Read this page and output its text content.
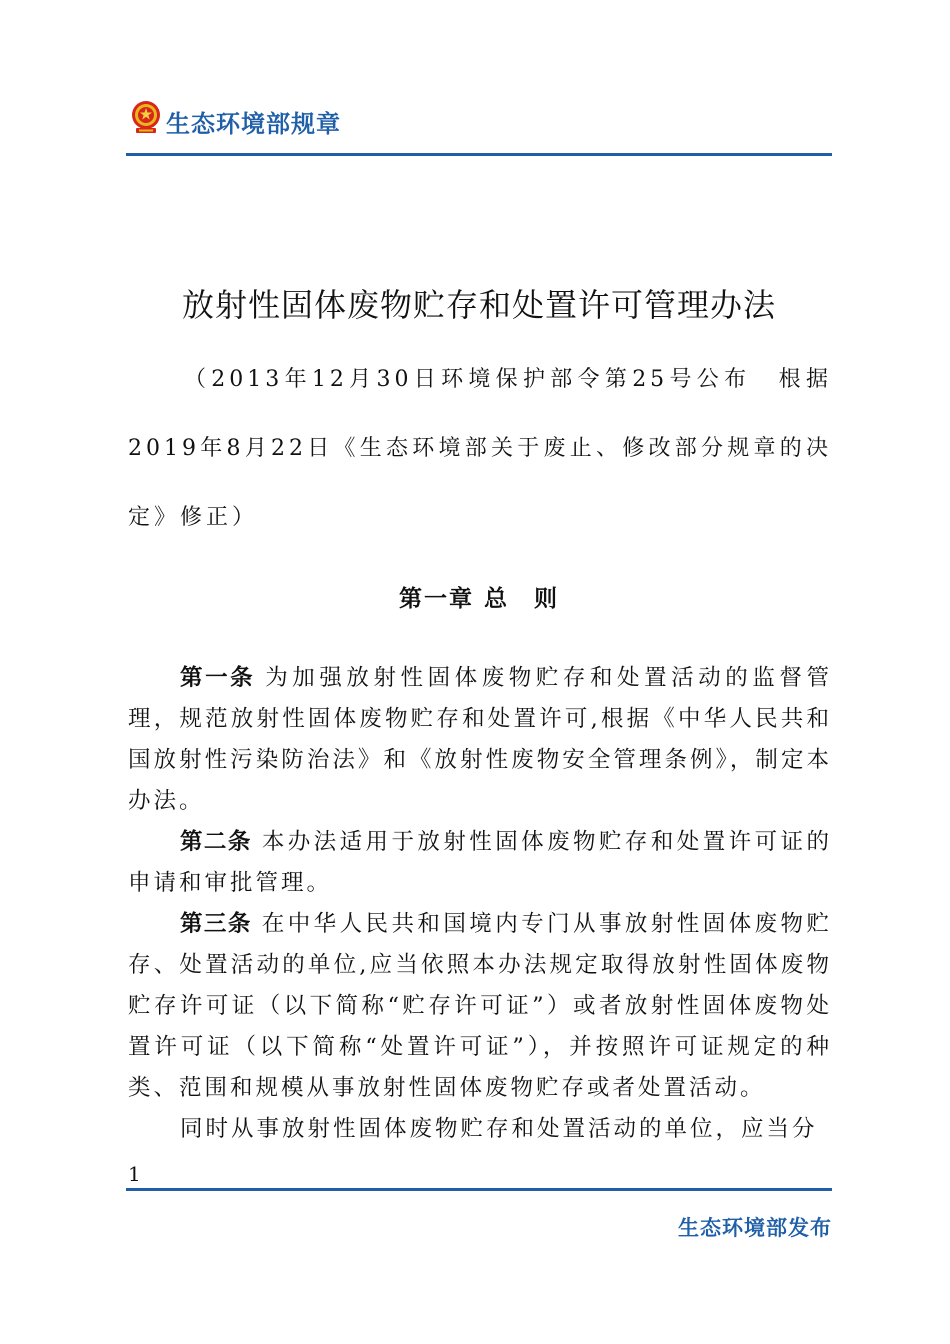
生态环境部规章
放射性固体废物贮存和处置许可管理办法
（2013年12月30日环境保护部令第25号公布　根据2019年8月22日《生态环境部关于废止、修改部分规章的决定》修正）
第一章 总　则

第一条 为加强放射性固体废物贮存和处置活动的监督管理，规范放射性固体废物贮存和处置许可,根据《中华人民共和国放射性污染防治法》和《放射性废物安全管理条例》，制定本办法。

第二条 本办法适用于放射性固体废物贮存和处置许可证的申请和审批管理。

第三条 在中华人民共和国境内专门从事放射性固体废物贮存、处置活动的单位,应当依照本办法规定取得放射性固体废物贮存许可证（以下简称“贮存许可证”）或者放射性固体废物处置许可证（以下简称“处置许可证”），并按照许可证规定的种类、范围和规模从事放射性固体废物贮存或者处置活动。

同时从事放射性固体废物贮存和处置活动的单位，应当分

1
生态环境部发布
